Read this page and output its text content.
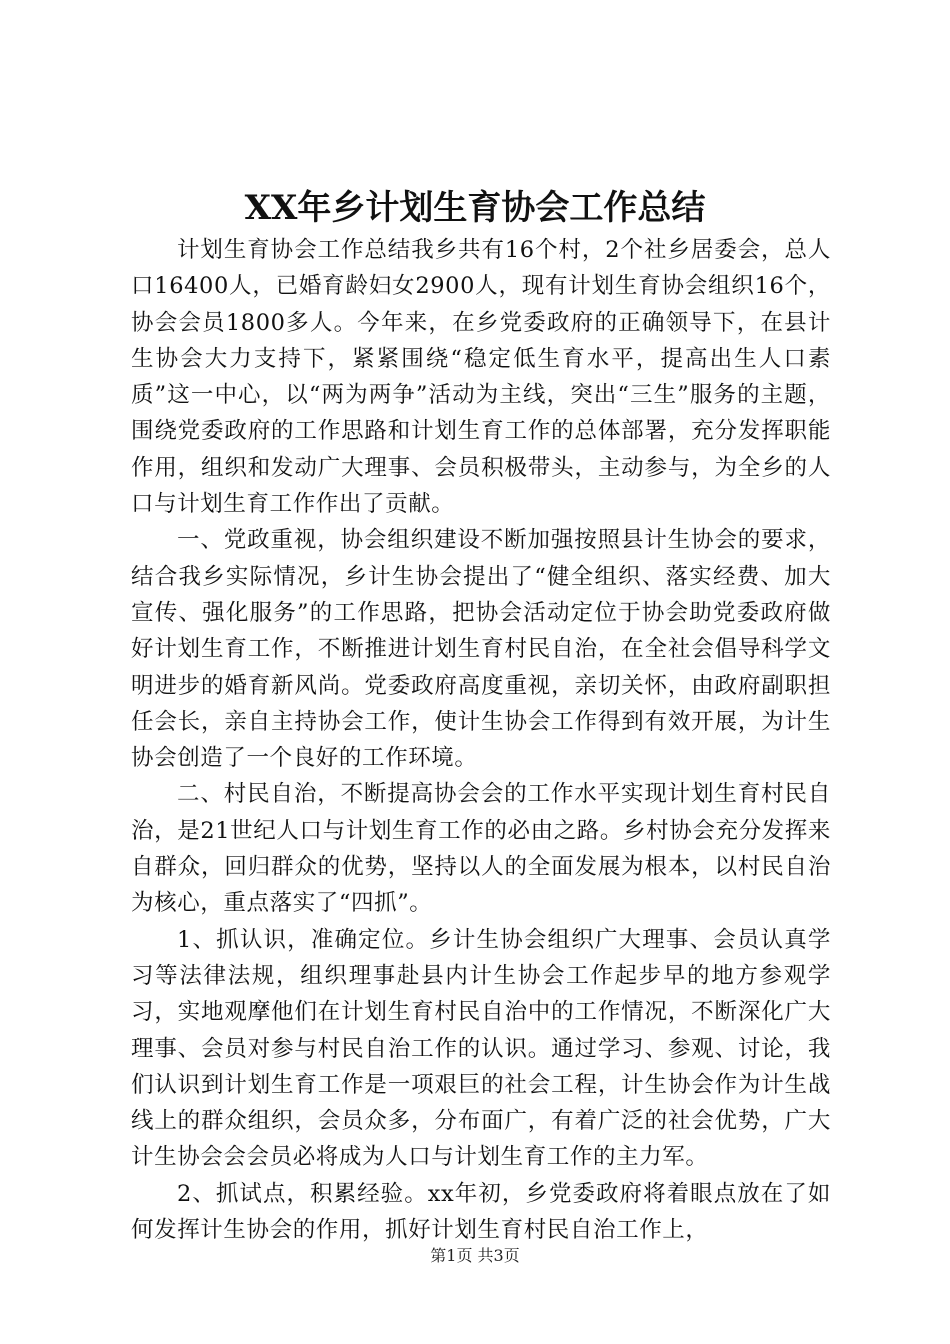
XX年乡计划生育协会工作总结

计划生育协会工作总结我乡共有16个村，2个社乡居委会，总人口16400人，已婚育龄妇女2900人，现有计划生育协会组织16个，协会会员1800多人。今年来，在乡党委政府的正确领导下，在县计生协会大力支持下，紧紧围绕“稳定低生育水平，提高出生人口素质”这一中心，以“两为两争”活动为主线，突出“三生”服务的主题，围绕党委政府的工作思路和计划生育工作的总体部署，充分发挥职能作用，组织和发动广大理事、会员积极带头，主动参与，为全乡的人口与计划生育工作作出了贡献。

一、党政重视，协会组织建设不断加强按照县计生协会的要求，结合我乡实际情况，乡计生协会提出了“健全组织、落实经费、加大宣传、强化服务”的工作思路，把协会活动定位于协会助党委政府做好计划生育工作，不断推进计划生育村民自治，在全社会倡导科学文明进步的婚育新风尚。党委政府高度重视，亲切关怀，由政府副职担任会长，亲自主持协会工作，使计生协会工作得到有效开展，为计生协会创造了一个良好的工作环境。

二、村民自治，不断提高协会会的工作水平实现计划生育村民自治，是21世纪人口与计划生育工作的必由之路。乡村协会充分发挥来自群众，回归群众的优势，坚持以人的全面发展为根本，以村民自治为核心，重点落实了“四抓”。

1、抓认识，准确定位。乡计生协会组织广大理事、会员认真学习等法律法规，组织理事赴县内计生协会工作起步早的地方参观学习，实地观摩他们在计划生育村民自治中的工作情况，不断深化广大理事、会员对参与村民自治工作的认识。通过学习、参观、讨论，我们认识到计划生育工作是一项艰巨的社会工程，计生协会作为计生战线上的群众组织，会员众多，分布面广，有着广泛的社会优势，广大计生协会会会员必将成为人口与计划生育工作的主力军。

2、抓试点，积累经验。xx年初，乡党委政府将着眼点放在了如何发挥计生协会的作用，抓好计划生育村民自治工作上，

第1页 共3页
